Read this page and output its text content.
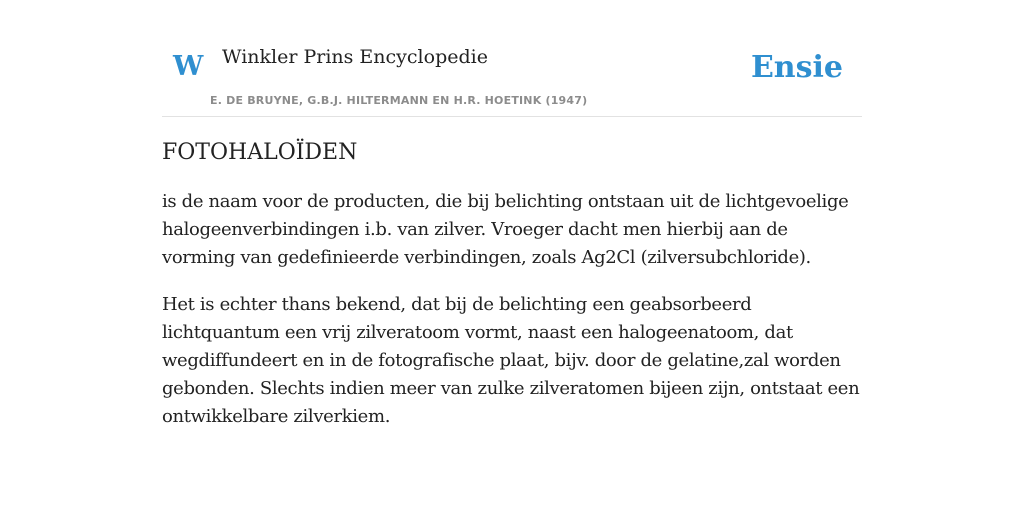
W Winkler Prins Encyclopedie
E. DE BRUYNE, G.B.J. HILTERMANN EN H.R. HOETINK (1947)
Ensie
FOTOHALOÏDEN

is de naam voor de producten, die bij belichting ontstaan uit de lichtgevoelige halogeenverbindingen i.b. van zilver. Vroeger dacht men hierbij aan de vorming van gedefinieerde verbindingen, zoals Ag2Cl (zilversubchloride).

Het is echter thans bekend, dat bij de belichting een geabsorbeerd lichtquantum een vrij zilveratoom vormt, naast een halogeenatoom, dat wegdiffundeert en in de fotografische plaat, bijv. door de gelatine,zal worden gebonden. Slechts indien meer van zulke zilveratomen bijeen zijn, ontstaat een ontwikkelbare zilverkiem.
